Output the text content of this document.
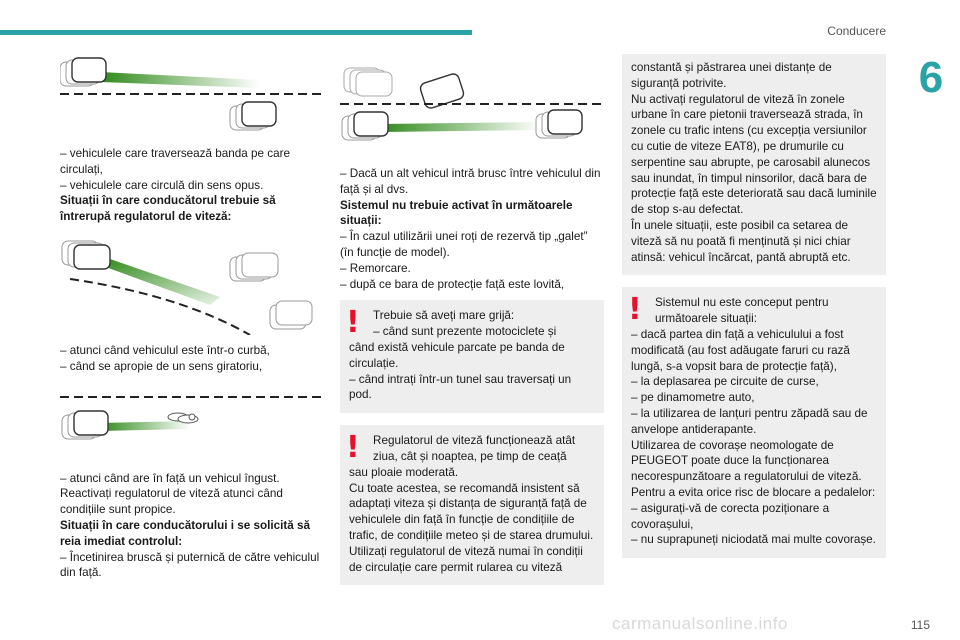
Conducere
6

– vehiculele care traversează banda pe care circulați,

– vehiculele care circulă din sens opus.

Situații în care conducătorul trebuie să întrerupă regulatorul de viteză:

– atunci când vehiculul este într-o curbă,

– când se apropie de un sens giratoriu,

– atunci când are în față un vehicul îngust.

Reactivați regulatorul de viteză atunci când condițiile sunt propice.

Situații în care conducătorului i se solicită să reia imediat controlul:

– Încetinirea bruscă și puternică de către vehiculul din față.

– Dacă un alt vehicul intră brusc între vehiculul din față și al dvs.

Sistemul nu trebuie activat în următoarele situații:

– În cazul utilizării unei roți de rezervă tip „galet” (în funcție de model).

– Remorcare.

– după ce bara de protecție față este lovită,

!	Trebuie să aveți mare grijă:

– când sunt prezente motociclete și

când există vehicule parcate pe banda de circulație.

– când intrați într-un tunel sau traversați un pod.

!	Regulatorul de viteză funcționează atât

ziua, cât și noaptea, pe timp de ceață

sau ploaie moderată.

Cu toate acestea, se recomandă insistent să adaptați viteza și distanța de siguranță față de vehiculele din față în funcție de condițiile de trafic, de condițiile meteo și de starea drumului.

Utilizați regulatorul de viteză numai în condiții de circulație care permit rularea cu viteză

constantă și păstrarea unei distanțe de siguranță potrivite.

Nu activați regulatorul de viteză în zonele urbane în care pietonii traversează strada, în zonele cu trafic intens (cu excepția versiunilor cu cutie de viteze EAT8), pe drumurile cu serpentine sau abrupte, pe carosabil alunecos sau inundat, în timpul ninsorilor, dacă bara de protecție față este deteriorată sau dacă luminile de stop s-au defectat.

În unele situații, este posibil ca setarea de viteză să nu poată fi menținută și nici chiar atinsă: vehicul încărcat, pantă abruptă etc.

!	Sistemul nu este conceput pentru

următoarele situații:

– dacă partea din față a vehiculului a fost modificată (au fost adăugate faruri cu rază lungă, s-a vopsit bara de protecție față),

– la deplasarea pe circuite de curse,

– pe dinamometre auto,

– la utilizarea de lanțuri pentru zăpadă sau de anvelope antiderapante.

Utilizarea de covorașe neomologate de PEUGEOT poate duce la funcționarea necorespunzătoare a regulatorului de viteză.

Pentru a evita orice risc de blocare a pedalelor:

– asigurați-vă de corecta poziționare a covorașului,

– nu suprapuneți niciodată mai multe covorașe.

carmanualsonline.info	115
